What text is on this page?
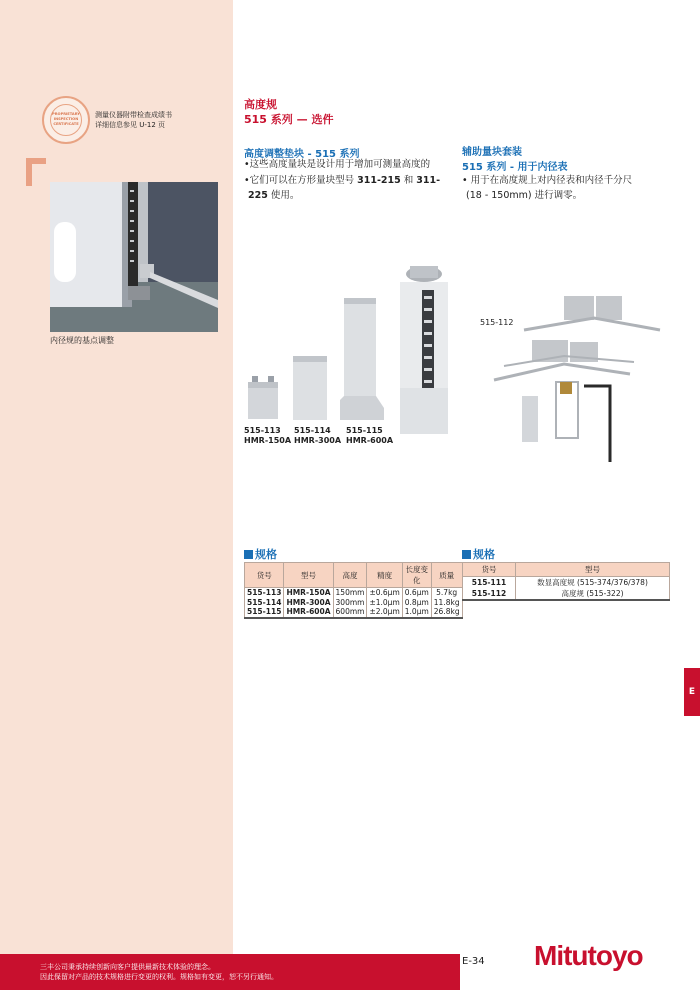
PROPRIETARY
INSPECTION
CERTIFICATE
测量仪器附带检查成绩书
详细信息参见 U-12 页
内径规的基点调整
高度规
515 系列 — 选件
高度调整垫块 - 515 系列
•这些高度量块是设计用于增加可测量高度的
•它们可以在方形量块型号 311-215 和 311-
225 使用。
辅助量块套装
515 系列 - 用于内径表
• 用于在高度规上对内径表和内径千分尺
(18 - 150mm) 进行调零。
515-113
HMR-150A
515-114
HMR-300A
515-115
HMR-600A
515-112
规格
货号	型号	高度	精度	长度变化	质量
515-113	HMR-150A	150mm	±0.6μm	0.6μm	5.7kg
515-114	HMR-300A	300mm	±1.0μm	0.8μm	11.8kg
515-115	HMR-600A	600mm	±2.0μm	1.0μm	26.8kg
规格
货号	型号
515-111	数显高度规 (515-374/376/378)
515-112	高度规 (515-322)
E
三丰公司秉承持续创新向客户提供最新技术体验的理念。
因此保留对产品的技术规格进行变更的权利。规格如有变更，恕不另行通知。
E-34 Mitutoyo
